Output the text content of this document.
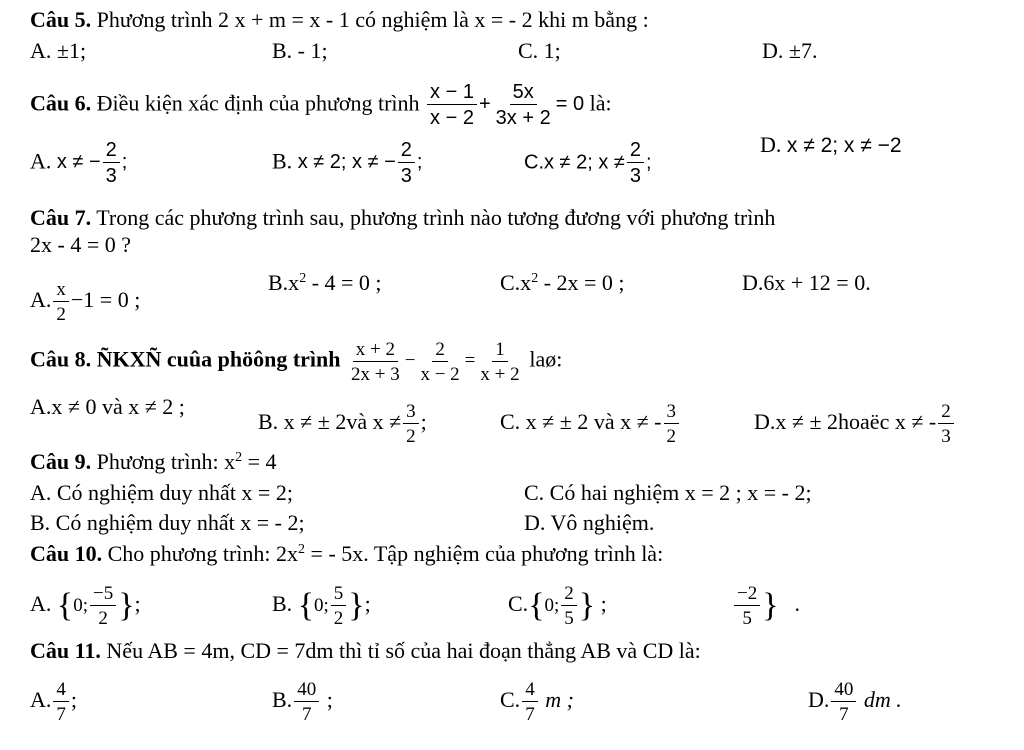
Câu 5. Phương trình 2 x + m = x - 1 có nghiệm là x = - 2 khi m bằng :
A. ±1;	B. - 1;	C. 1;	D. ±7.
Câu 6. Điều kiện xác định của phương trình $\frac{x - 1}{x - 2} + \frac{5x}{3x + 2} = 0$ là:
A. x ≠ − $\frac{2}{3}$ ;	B. x ≠ 2; x ≠ − $\frac{2}{3}$ ;	C.x ≠ 2; $x \ne \frac{2}{3}$ ;
D. x ≠ 2; x ≠ −2
Câu 7. Trong các phương trình sau, phương trình nào tương đương với phương trình
2x - 4 = 0 ?
A. $\frac{x}{2} -1 = 0$ ;
$B.x^2 - 4 = 0$ ;	$C.x^2 - 2x = 0$ ;	D.6x + 12 = 0.
Câu 8. ÑKXÑ cuûa phöông trình $\frac{x + 2}{2x + 3} - \frac{2}{x - 2} = \frac{1}{x + 2}$ laø:
A.x ≠ 0 và x ≠ 2 ;
B. x ≠ ± 2và $x \ne \frac{3}{2}$ ;	C. x ≠ ± 2 và x ≠ - $\frac{3}{2}$	D.x ≠ ± 2hoaëc x ≠ - $\frac{2}{3}$
Câu 9. Phương trình: $x^2 = 4$
A. Có nghiệm duy nhất x = 2;	C. Có hai nghiệm x = 2 ; x = - 2;
B. Có nghiệm duy nhất x = - 2;	D. Vô nghiệm.
Câu 10. Cho phương trình: $2x^2$ = - 5x. Tập nghiệm của phương trình là:
A. {0; $\frac{-5}{2}$ };	B. {0; $\frac{5}{2}$ };	C.{0; $\frac{2}{5}$ } ;	$\frac{-2}{5}$ } .
Câu 11. Nếu AB = 4m, CD = 7dm thì tỉ số của hai đoạn thẳng AB và CD là:
A. $\frac{4}{7}$ ;	B. $\frac{40}{7}$ ;	C. $\frac{4}{7}$ m ;	D. $\frac{40}{7}$ dm .
